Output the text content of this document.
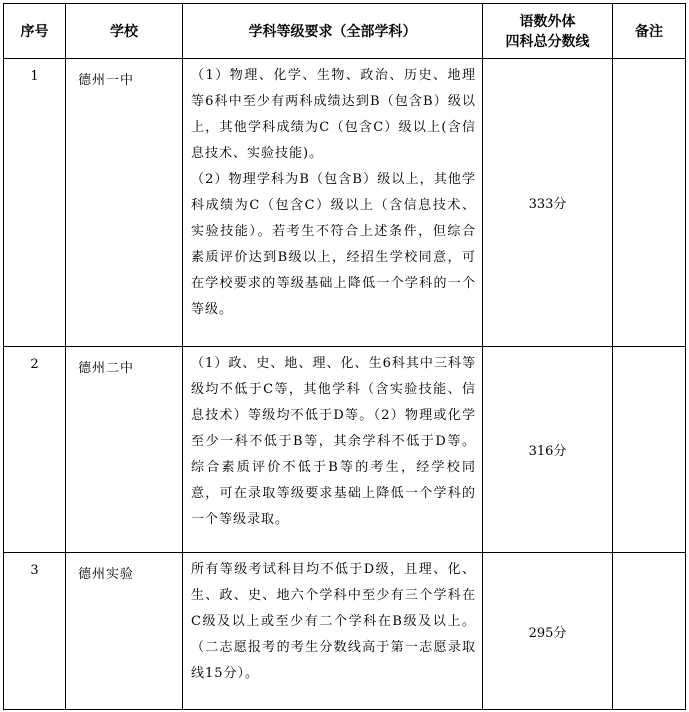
序号	学校	学科等级要求（全部学科）	语数外体
四科总分数线	备注
1	德州一中	（1）物理、化学、生物、政治、历史、地理等6科中至少有两科成绩达到B（包含B）级以上，其他学科成绩为C（包含C）级以上(含信息技术、实验技能)。
（2）物理学科为B（包含B）级以上，其他学科成绩为C（包含C）级以上（含信息技术、实验技能）。若考生不符合上述条件，但综合素质评价达到B级以上，经招生学校同意，可在学校要求的等级基础上降低一个学科的一个等级。	333分	
2	德州二中	（1）政、史、地、理、化、生6科其中三科等级均不低于C等，其他学科（含实验技能、信息技术）等级均不低于D等。（2）物理或化学至少一科不低于B等，其余学科不低于D等。综合素质评价不低于B等的考生，经学校同意，可在录取等级要求基础上降低一个学科的一个等级录取。	316分	
3	德州实验	所有等级考试科目均不低于D级，且理、化、生、政、史、地六个学科中至少有三个学科在C级及以上或至少有二个学科在B级及以上。（二志愿报考的考生分数线高于第一志愿录取线15分）。	295分	
